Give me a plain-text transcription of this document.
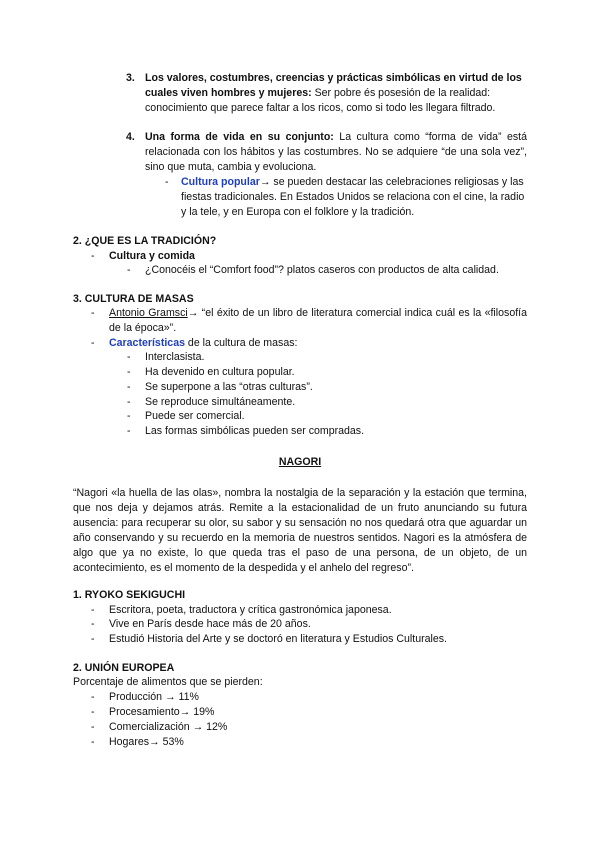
3. Los valores, costumbres, creencias y prácticas simbólicas en virtud de los cuales viven hombres y mujeres: Ser pobre és posesión de la realidad: conocimiento que parece faltar a los ricos, como si todo les llegara filtrado.
4. Una forma de vida en su conjunto: La cultura como “forma de vida” está relacionada con los hábitos y las costumbres. No se adquiere “de una sola vez”, sino que muta, cambia y evoluciona.
- Cultura popular→ se pueden destacar las celebraciones religiosas y las fiestas tradicionales. En Estados Unidos se relaciona con el cine, la radio y la tele, y en Europa con el folklore y la tradición.
2. ¿QUE ES LA TRADICIÓN?
- Cultura y comida
- ¿Conocéis el “Comfort food”? platos caseros con productos de alta calidad.
3. CULTURA DE MASAS
- Antonio Gramsci→ “el éxito de un libro de literatura comercial indica cuál es la «filosofía de la época»”.
- Características de la cultura de masas:
- Interclasista.
- Ha devenido en cultura popular.
- Se superpone a las “otras culturas”.
- Se reproduce simultáneamente.
- Puede ser comercial.
- Las formas simbólicas pueden ser compradas.
NAGORI
“Nagori «la huella de las olas», nombra la nostalgia de la separación y la estación que termina, que nos deja y dejamos atrás. Remite a la estacionalidad de un fruto anunciando su futura ausencia: para recuperar su olor, su sabor y su sensación no nos quedará otra que aguardar un año conservando y su recuerdo en la memoria de nuestros sentidos. Nagori es la atmósfera de algo que ya no existe, lo que queda tras el paso de una persona, de un objeto, de un acontecimiento, es el momento de la despedida y el anhelo del regreso”.
1. RYOKO SEKIGUCHI
- Escritora, poeta, traductora y crítica gastronómica japonesa.
- Vive en París desde hace más de 20 años.
- Estudió Historia del Arte y se doctoró en literatura y Estudios Culturales.
2. UNIÓN EUROPEA
Porcentaje de alimentos que se pierden:
- Producción → 11%
- Procesamiento→ 19%
- Comercialización → 12%
- Hogares→ 53%
